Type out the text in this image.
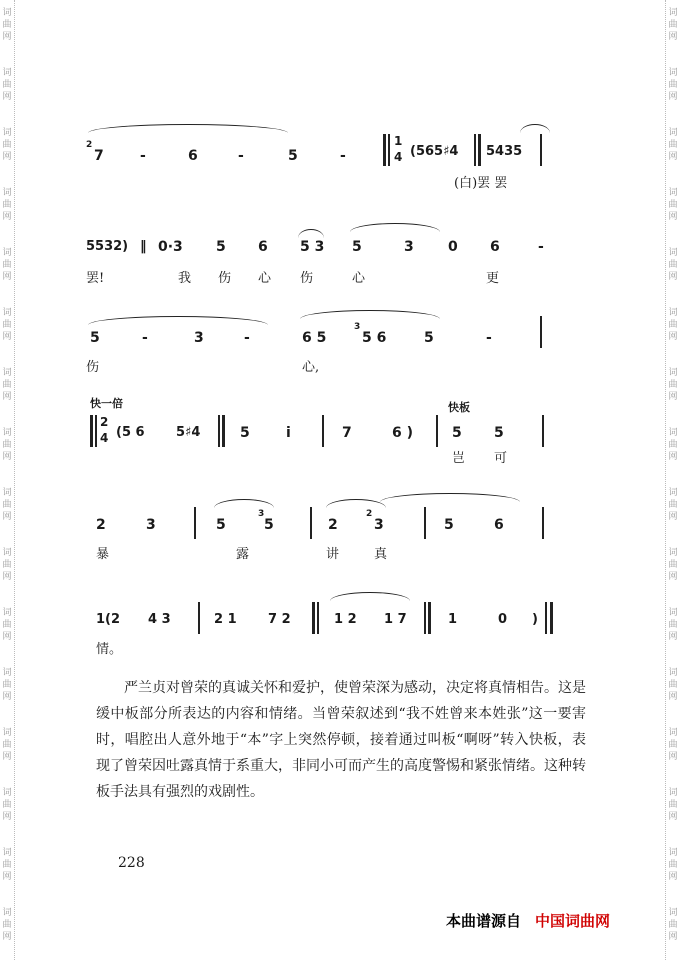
词
曲
网
词
曲
网
词
曲
网
词
曲
网
词
曲
网
词
曲
网
词
曲
网
词
曲
网
词
曲
网
词
曲
网
词
曲
网
词
曲
网
词
曲
网
词
曲
网
词
曲
网
词
曲
网
词
曲
网
词
曲
网
词
曲
网
词
曲
网
词
曲
网
词
曲
网
词
曲
网
词
曲
网
词
曲
网
词
曲
网
词
曲
网
词
曲
网
词
曲
网
词
曲
网
词
曲
网
词
曲
网
2
7	-	6	-	5	-
1
4 (565♯4 5435
(白)罢 罢
5532) ‖ 0·3 5 6 5 3 5	3 0 6	-
罢!	我 伤 心 伤	心	更
5	-	3	-	6 5
3
5 6	5	-
伤	心,
快一倍	快板
2
4 (5 6 5♯4	5	i	7	6 )	5 5
岂 可
2	3	5
3
5	2
2
3	5	6
暴	露	讲	真
1(2 4 3	2 1 7 2	1 2 1 7	1	0 )
情。
严兰贞对曾荣的真诚关怀和爱护，使曾荣深为感动，决定将真情相告。这是缓中板部分所表达的内容和情绪。当曾荣叙述到“我不姓曾来本姓张”这一要害时，唱腔出人意外地于“本”字上突然停顿，接着通过叫板“啊呀”转入快板，表现了曾荣因吐露真情于系重大，非同小可而产生的高度警惕和紧张情绪。这种转板手法具有强烈的戏剧性。
228
本曲谱源自 中国词曲网
